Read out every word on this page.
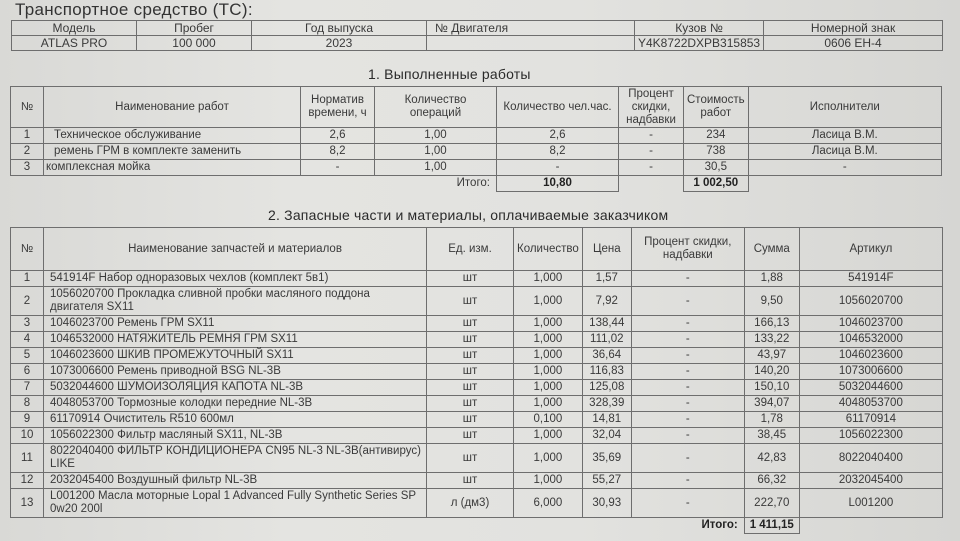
Транспортное средство (ТС):
Модель	Пробег	Год выпуска	№ Двигателя	Кузов №	Номерной знак
ATLAS PRO	100 000	2023		Y4K8722DXPB315853	0606 EH-4
1. Выполненные работы
№	Наименование работ	Норматив времени, ч	Количество операций	Количество чел.час.	Процент скидки, надбавки	Стоимость работ	Исполнители
1	Техническое обслуживание	2,6	1,00	2,6	-	234	Ласица В.М.
2	ремень ГРМ в комплекте заменить	8,2	1,00	8,2	-	738	Ласица В.М.
3	комплексная мойка	-	1,00	-	-	30,5	-
			Итого:	10,80		1 002,50	
2. Запасные части и материалы, оплачиваемые заказчиком
№	Наименование запчастей и материалов	Ед. изм.	Количество	Цена	Процент скидки, надбавки	Сумма	Артикул
1	541914F Набор одноразовых чехлов (комплект 5в1)	шт	1,000	1,57	-	1,88	541914F
2	1056020700 Прокладка сливной пробки масляного поддона двигателя SX11	шт	1,000	7,92	-	9,50	1056020700
3	1046023700 Ремень ГРМ SX11	шт	1,000	138,44	-	166,13	1046023700
4	1046532000 НАТЯЖИТЕЛЬ РЕМНЯ ГРМ SX11	шт	1,000	111,02	-	133,22	1046532000
5	1046023600 ШКИВ ПРОМЕЖУТОЧНЫЙ SX11	шт	1,000	36,64	-	43,97	1046023600
6	1073006600 Ремень приводной BSG NL-3B	шт	1,000	116,83	-	140,20	1073006600
7	5032044600 ШУМОИЗОЛЯЦИЯ КАПОТА NL-3B	шт	1,000	125,08	-	150,10	5032044600
8	4048053700 Тормозные колодки передние NL-3B	шт	1,000	328,39	-	394,07	4048053700
9	61170914 Очиститель R510 600мл	шт	0,100	14,81	-	1,78	61170914
10	1056022300 Фильтр масляный SX11, NL-3B	шт	1,000	32,04	-	38,45	1056022300
11	8022040400 ФИЛЬТР КОНДИЦИОНЕРА CN95 NL-3 NL-3B(антивирус) LIKE	шт	1,000	35,69	-	42,83	8022040400
12	2032045400 Воздушный фильтр NL-3B	шт	1,000	55,27	-	66,32	2032045400
13	L001200 Масла моторные Lopal 1 Advanced Fully Synthetic Series SP 0w20 200l	л (дм3)	6,000	30,93	-	222,70	L001200
					Итого:	1 411,15	
